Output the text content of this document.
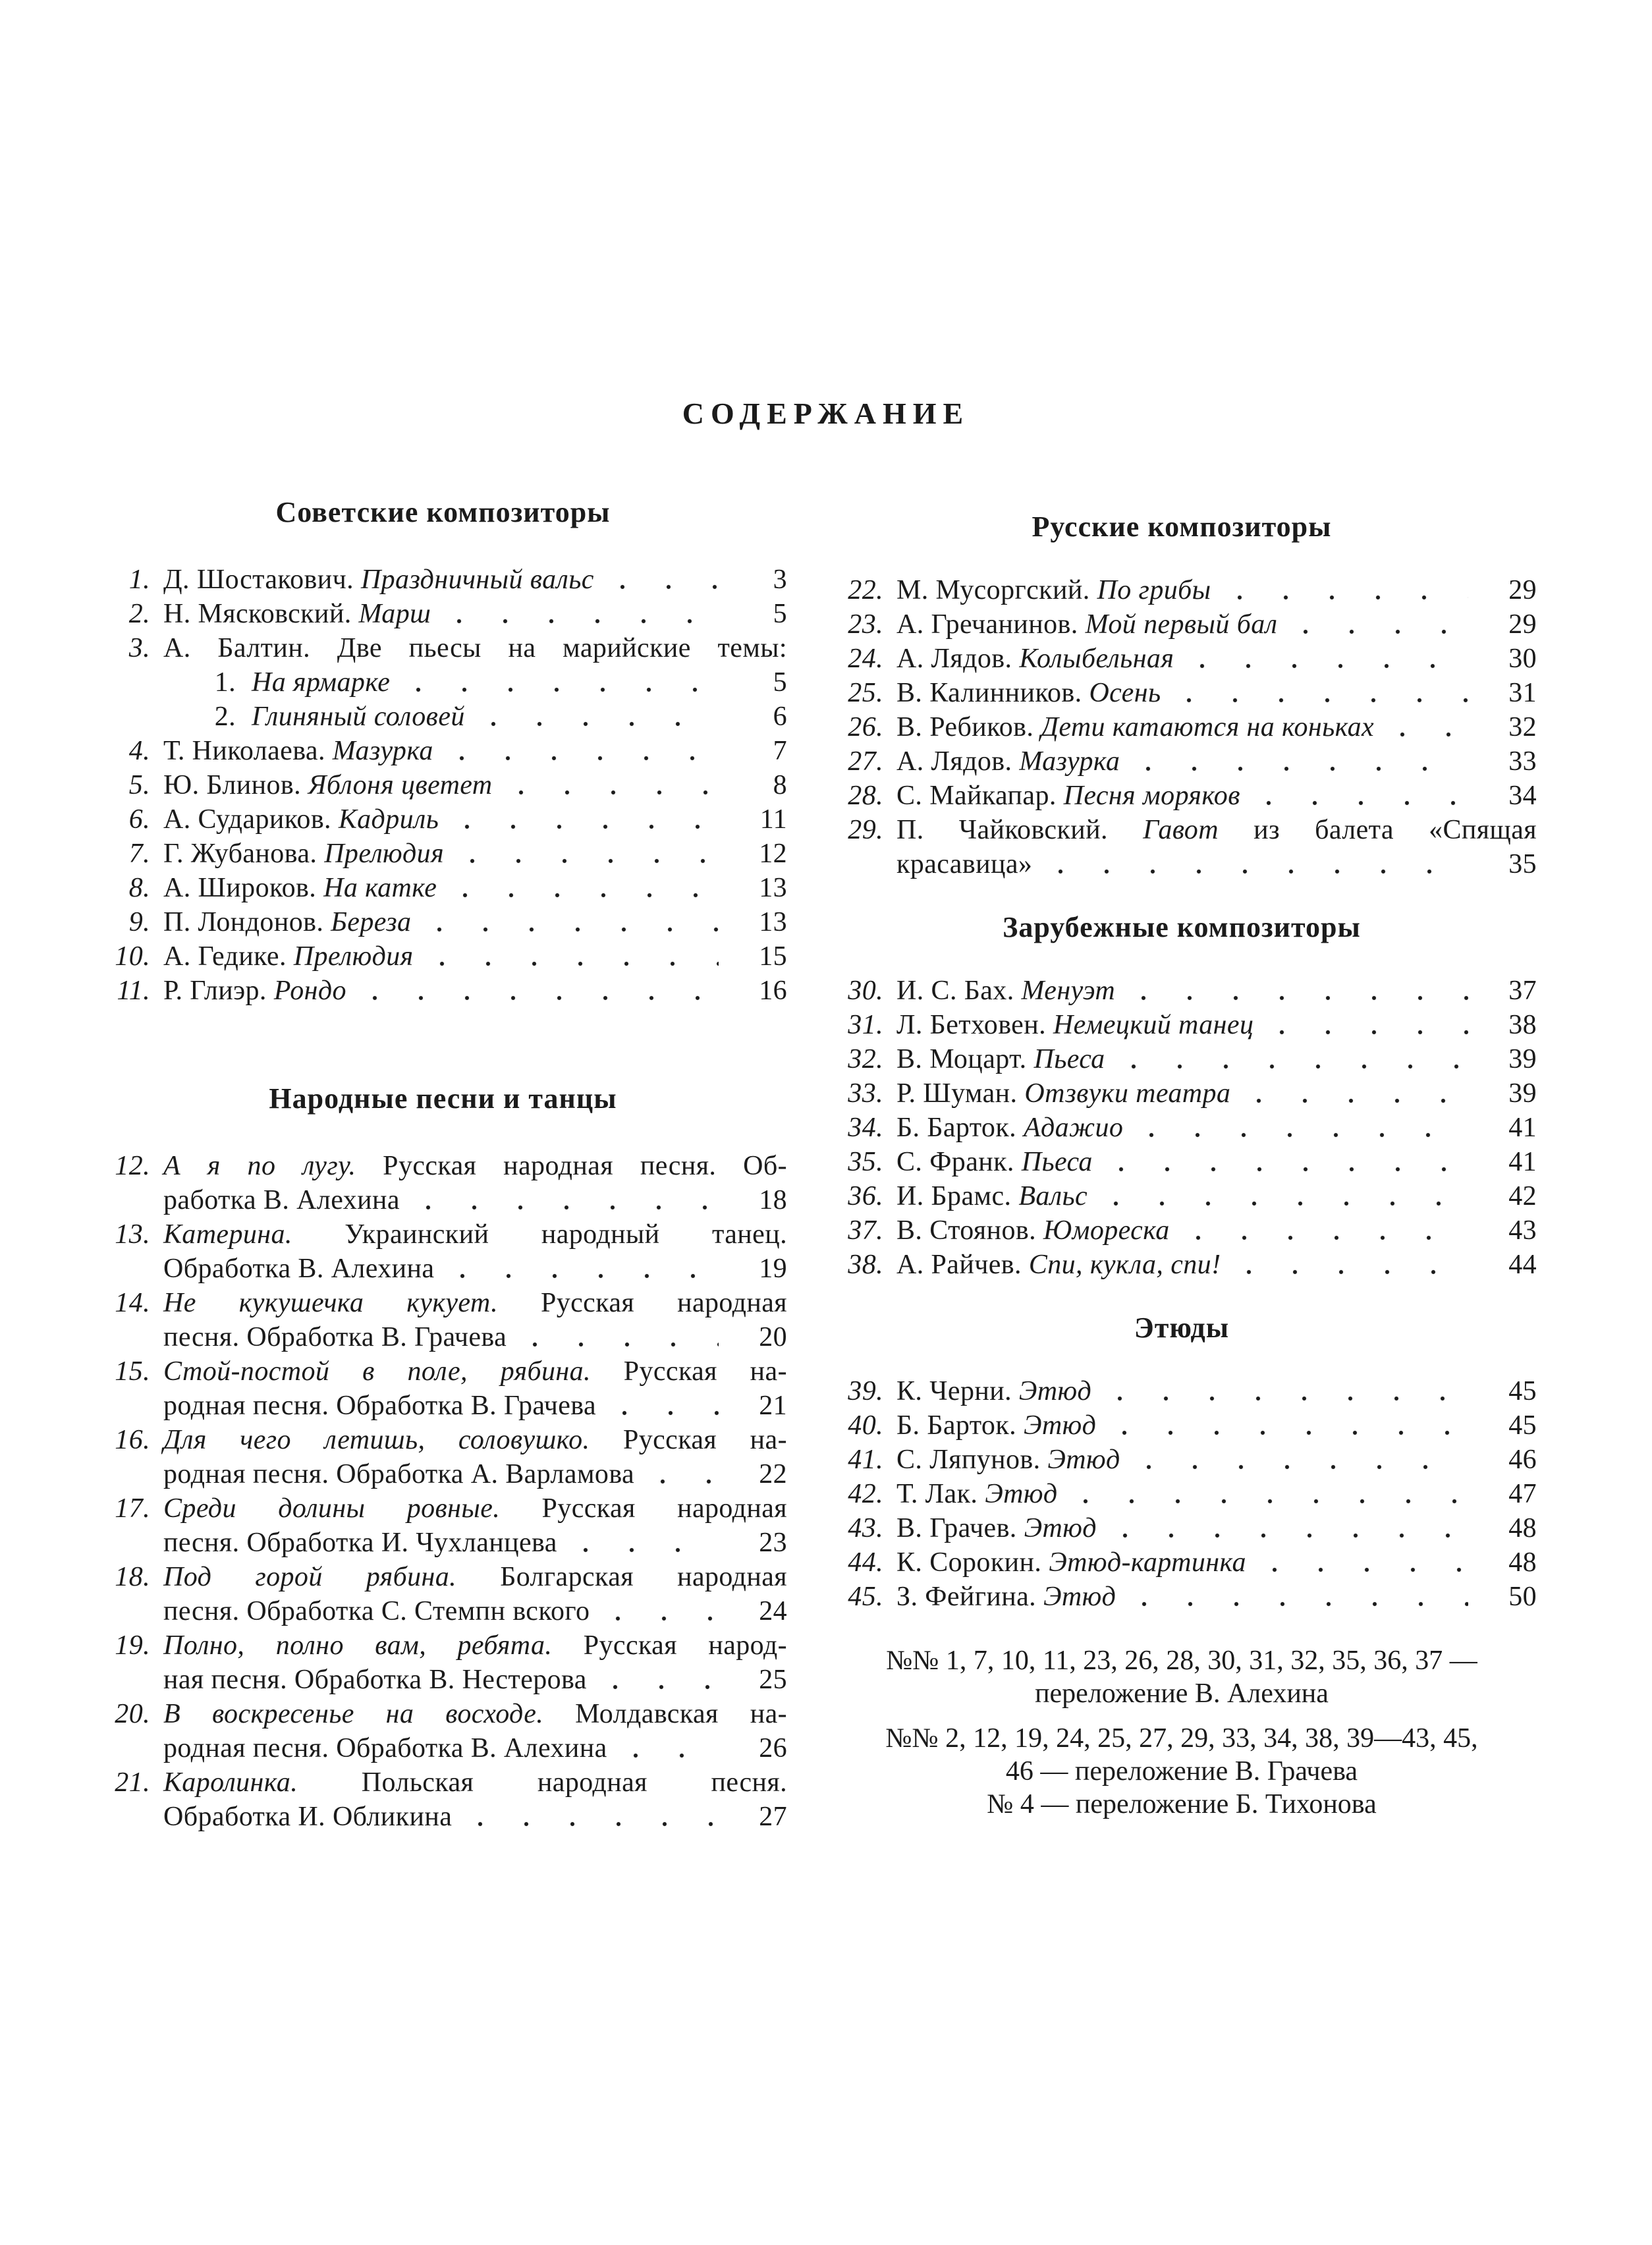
СОДЕРЖАНИЕ
Советские композиторы
1. Д. Шостакович. Праздничный вальс	3
2. Н. Мясковский. Марш	5
3. А. Балтин. Две пьесы на марийские темы:
1. На ярмарке	5
2. Глиняный соловей	6
4. Т. Николаева. Мазурка	7
5. Ю. Блинов. Яблоня цветет	8
6. А. Судариков. Кадриль	11
7. Г. Жубанова. Прелюдия	12
8. А. Широков. На катке	13
9. П. Лондонов. Береза	13
10. А. Гедике. Прелюдия	15
11. Р. Глиэр. Рондо	16
Народные песни и танцы
12. А я по лугу. Русская народная песня. Об-
работка В. Алехина	18
13. Катерина. Украинский народный танец.
Обработка В. Алехина	19
14. Не кукушечка кукует. Русская народная
песня. Обработка В. Грачева	20
15. Стой-постой в поле, рябина. Русская на-
родная песня. Обработка В. Грачева	21
16. Для чего летишь, соловушко. Русская на-
родная песня. Обработка А. Варламова	22
17. Среди долины ровные. Русская народная
песня. Обработка И. Чухланцева	23
18. Под горой рябина. Болгарская народная
песня. Обработка С. Стемпн вского	24
19. Полно, полно вам, ребята. Русская народ-
ная песня. Обработка В. Нестерова	25
20. В воскресенье на восходе. Молдавская на-
родная песня. Обработка В. Алехина	26
21. Каролинка. Польская народная песня.
Обработка И. Обликина	27
Русские композиторы
22. М. Мусоргский. По грибы	29
23. А. Гречанинов. Мой первый бал	29
24. А. Лядов. Колыбельная	30
25. В. Калинников. Осень	31
26. В. Ребиков. Дети катаются на коньках	32
27. А. Лядов. Мазурка	33
28. С. Майкапар. Песня моряков	34
29. П. Чайковский. Гавот из балета «Спящая
красавица»	35
Зарубежные композиторы
30. И. С. Бах. Менуэт	37
31. Л. Бетховен. Немецкий танец	38
32. В. Моцарт. Пьеса	39
33. Р. Шуман. Отзвуки театра	39
34. Б. Барток. Адажио	41
35. С. Франк. Пьеса	41
36. И. Брамс. Вальс	42
37. В. Стоянов. Юмореска	43
38. А. Райчев. Спи, кукла, спи!	44
Этюды
39. К. Черни. Этюд	45
40. Б. Барток. Этюд	45
41. С. Ляпунов. Этюд	46
42. Т. Лак. Этюд	47
43. В. Грачев. Этюд	48
44. К. Сорокин. Этюд-картинка	48
45. З. Фейгина. Этюд	50
№№ 1, 7, 10, 11, 23, 26, 28, 30, 31, 32, 35, 36, 37 —
переложение В. Алехина
№№ 2, 12, 19, 24, 25, 27, 29, 33, 34, 38, 39—43, 45,
46 — переложение В. Грачева
№ 4 — переложение Б. Тихонова
